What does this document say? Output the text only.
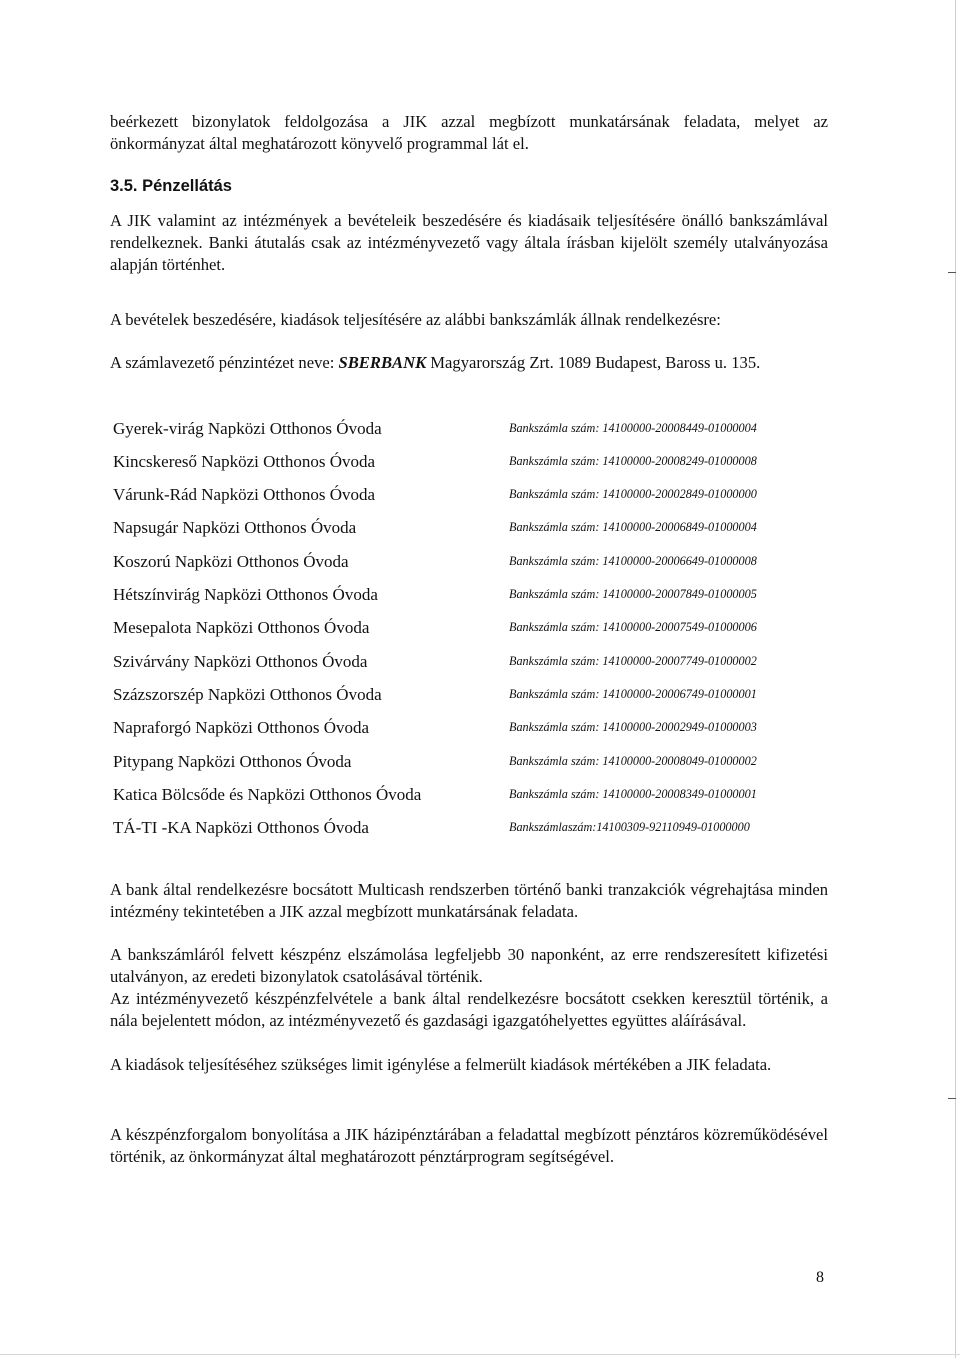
beérkezett bizonylatok feldolgozása a JIK azzal megbízott munkatársának feladata, melyet az önkormányzat által meghatározott könyvelő programmal lát el.

3.5. Pénzellátás

A JIK valamint az intézmények a bevételeik beszedésére és kiadásaik teljesítésére önálló bankszámlával rendelkeznek. Banki átutalás csak az intézményvezető vagy általa írásban kijelölt személy utalványozása alapján történhet.

A bevételek beszedésére, kiadások teljesítésére az alábbi bankszámlák állnak rendelkezésre:

A számlavezető pénzintézet neve: SBERBANK Magyarország Zrt. 1089 Budapest, Baross u. 135.

Gyerek-virág Napközi Otthonos Óvoda	Bankszámla szám: 14100000-20008449-01000004
Kincskereső Napközi Otthonos Óvoda	Bankszámla szám: 14100000-20008249-01000008
Várunk-Rád Napközi Otthonos Óvoda	Bankszámla szám: 14100000-20002849-01000000
Napsugár Napközi Otthonos Óvoda	Bankszámla szám: 14100000-20006849-01000004
Koszorú Napközi Otthonos Óvoda	Bankszámla szám: 14100000-20006649-01000008
Hétszínvirág Napközi Otthonos Óvoda	Bankszámla szám: 14100000-20007849-01000005
Mesepalota Napközi Otthonos Óvoda	Bankszámla szám: 14100000-20007549-01000006
Szivárvány Napközi Otthonos Óvoda	Bankszámla szám: 14100000-20007749-01000002
Százszorszép Napközi Otthonos Óvoda	Bankszámla szám: 14100000-20006749-01000001
Napraforgó Napközi Otthonos Óvoda	Bankszámla szám: 14100000-20002949-01000003
Pitypang Napközi Otthonos Óvoda	Bankszámla szám: 14100000-20008049-01000002
Katica Bölcsőde és Napközi Otthonos Óvoda	Bankszámla szám: 14100000-20008349-01000001
TÁ-TI -KA Napközi Otthonos Óvoda	Bankszámlaszám:14100309-92110949-01000000

A bank által rendelkezésre bocsátott Multicash rendszerben történő banki tranzakciók végrehajtása minden intézmény tekintetében a JIK azzal megbízott munkatársának feladata.

A bankszámláról felvett készpénz elszámolása legfeljebb 30 naponként, az erre rendszeresített kifizetési utalványon, az eredeti bizonylatok csatolásával történik.

Az intézményvezető készpénzfelvétele a bank által rendelkezésre bocsátott csekken keresztül történik, a nála bejelentett módon, az intézményvezető és gazdasági igazgatóhelyettes együttes aláírásával.

A kiadások teljesítéséhez szükséges limit igénylése a felmerült kiadások mértékében a JIK feladata.

A készpénzforgalom bonyolítása a JIK házipénztárában a feladattal megbízott pénztáros közreműködésével történik, az önkormányzat által meghatározott pénztárprogram segítségével.

8
